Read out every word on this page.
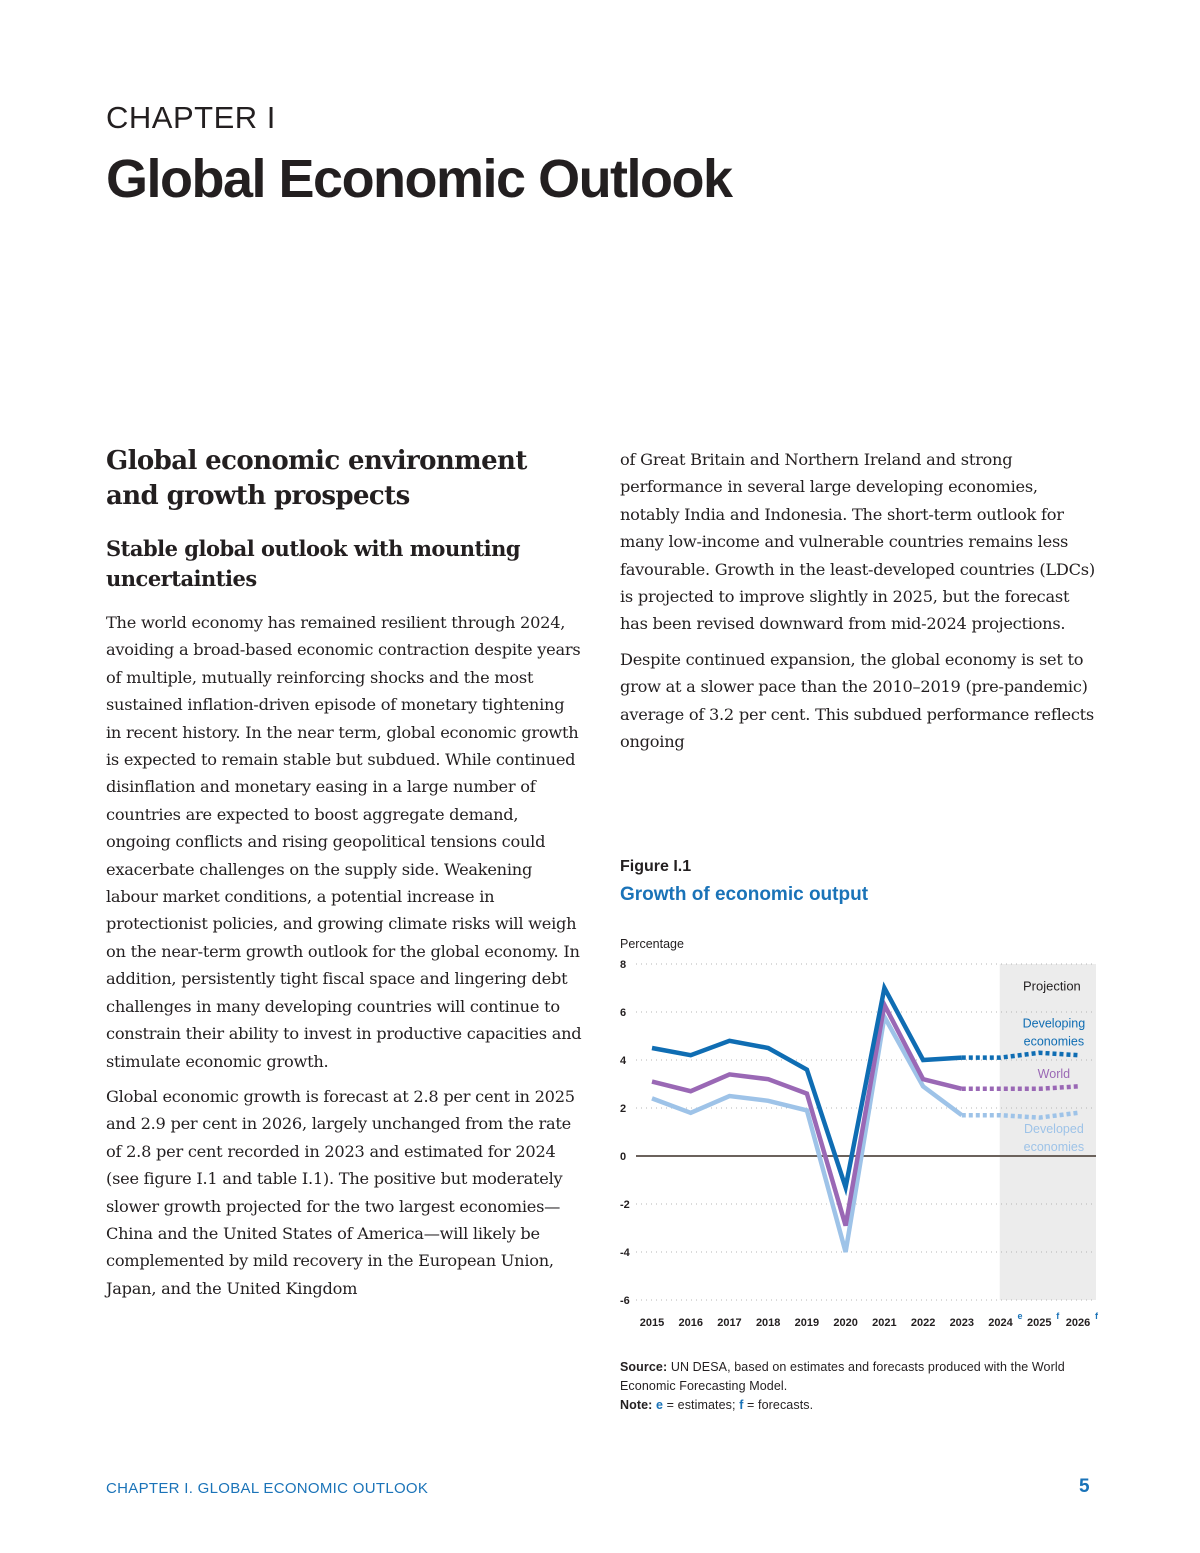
CHAPTER I
Global Economic Outlook
Global economic environment and growth prospects
Stable global outlook with mounting uncertainties

The world economy has remained resilient through 2024, avoiding a broad-based economic contraction despite years of multiple, mutually reinforcing shocks and the most sustained inflation-driven episode of monetary tightening in recent history. In the near term, global economic growth is expected to remain stable but subdued. While continued disinflation and monetary easing in a large number of countries are expected to boost aggregate demand, ongoing conflicts and rising geopolitical tensions could exacerbate challenges on the supply side. Weakening labour market conditions, a potential increase in protectionist policies, and growing climate risks will weigh on the near-term growth outlook for the global economy. In addition, persistently tight fiscal space and lingering debt challenges in many developing countries will continue to constrain their ability to invest in productive capacities and stimulate economic growth.

Global economic growth is forecast at 2.8 per cent in 2025 and 2.9 per cent in 2026, largely unchanged from the rate of 2.8 per cent recorded in 2023 and estimated for 2024 (see figure I.1 and table I.1). The positive but moderately slower growth projected for the two largest economies—China and the United States of America—will likely be complemented by mild recovery in the European Union, Japan, and the United Kingdom

of Great Britain and Northern Ireland and strong performance in several large developing economies, notably India and Indonesia. The short-term outlook for many low-income and vulnerable countries remains less favourable. Growth in the least-developed countries (LDCs) is projected to improve slightly in 2025, but the forecast has been revised downward from mid-2024 projections.

Despite continued expansion, the global economy is set to grow at a slower pace than the 2010–2019 (pre-pandemic) average of 3.2 per cent. This subdued performance reflects ongoing

Figure I.1
Growth of economic output
Projection
Percentage
8
6
4
2
0
-2
-4
-6
2015 2016 2017 2018 2019 2020 2021 2022 2023 2024
e
2025
f
2026
f
Developing
economies
World
Developed
economies
Source: UN DESA, based on estimates and forecasts produced with the World Economic Forecasting Model.
Note: e = estimates; f = forecasts.
CHAPTER I. GLOBAL ECONOMIC OUTLOOK	5
